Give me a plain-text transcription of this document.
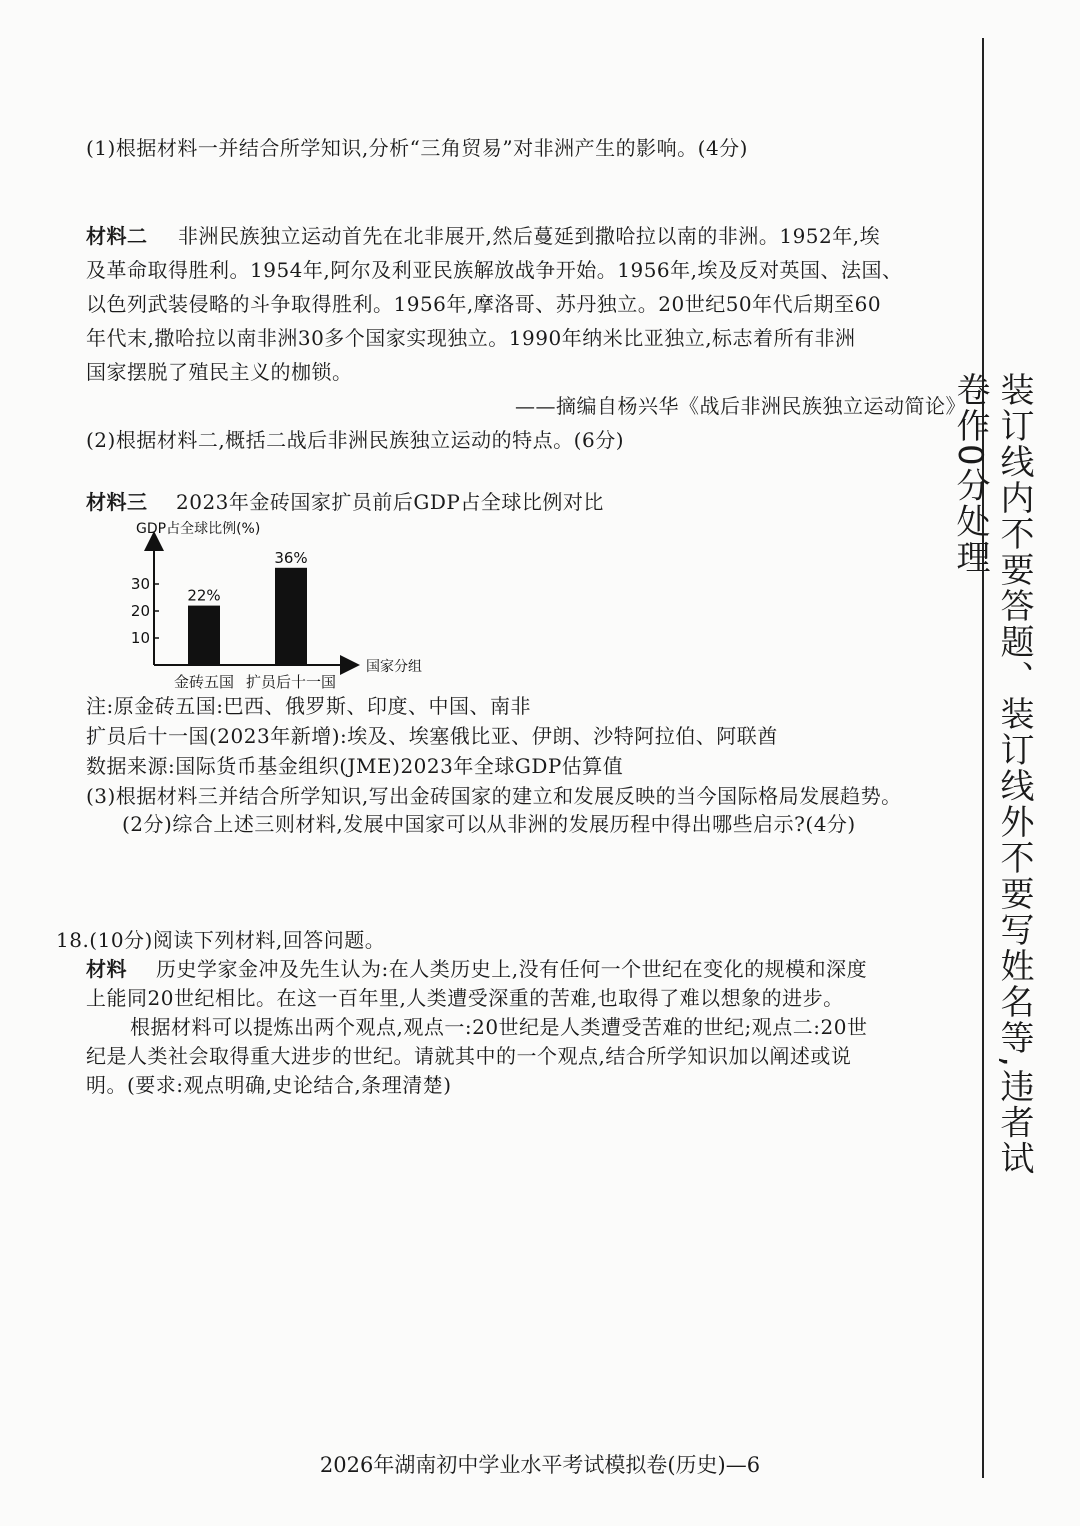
(1)根据材料一并结合所学知识,分析“三角贸易”对非洲产生的影响。(4分)
材料二 非洲民族独立运动首先在北非展开,然后蔓延到撒哈拉以南的非洲。1952年,埃
及革命取得胜利。1954年,阿尔及利亚民族解放战争开始。1956年,埃及反对英国、法国、
以色列武装侵略的斗争取得胜利。1956年,摩洛哥、苏丹独立。20世纪50年代后期至60
年代末,撒哈拉以南非洲30多个国家实现独立。1990年纳米比亚独立,标志着所有非洲
国家摆脱了殖民主义的枷锁。
——摘编自杨兴华《战后非洲民族独立运动简论》
(2)根据材料二,概括二战后非洲民族独立运动的特点。(6分)
材料三 2023年金砖国家扩员前后GDP占全球比例对比
GDP占全球比例(%)
国家分组
10
20
30
22%
36%
金砖五国 扩员后十一国
注:原金砖五国:巴西、俄罗斯、印度、中国、南非
扩员后十一国(2023年新增):埃及、埃塞俄比亚、伊朗、沙特阿拉伯、阿联酋
数据来源:国际货币基金组织(JME)2023年全球GDP估算值
(3)根据材料三并结合所学知识,写出金砖国家的建立和发展反映的当今国际格局发展趋势。
(2分)综合上述三则材料,发展中国家可以从非洲的发展历程中得出哪些启示?(4分)
18.(10分)阅读下列材料,回答问题。
材料 历史学家金冲及先生认为:在人类历史上,没有任何一个世纪在变化的规模和深度
上能同20世纪相比。在这一百年里,人类遭受深重的苦难,也取得了难以想象的进步。
根据材料可以提炼出两个观点,观点一:20世纪是人类遭受苦难的世纪;观点二:20世
纪是人类社会取得重大进步的世纪。请就其中的一个观点,结合所学知识加以阐述或说
明。(要求:观点明确,史论结合,条理清楚)	装订线内不要答题、装订线外不要写姓名等,违者试卷作0分处理
2026年湖南初中学业水平考试模拟卷(历史)—6
